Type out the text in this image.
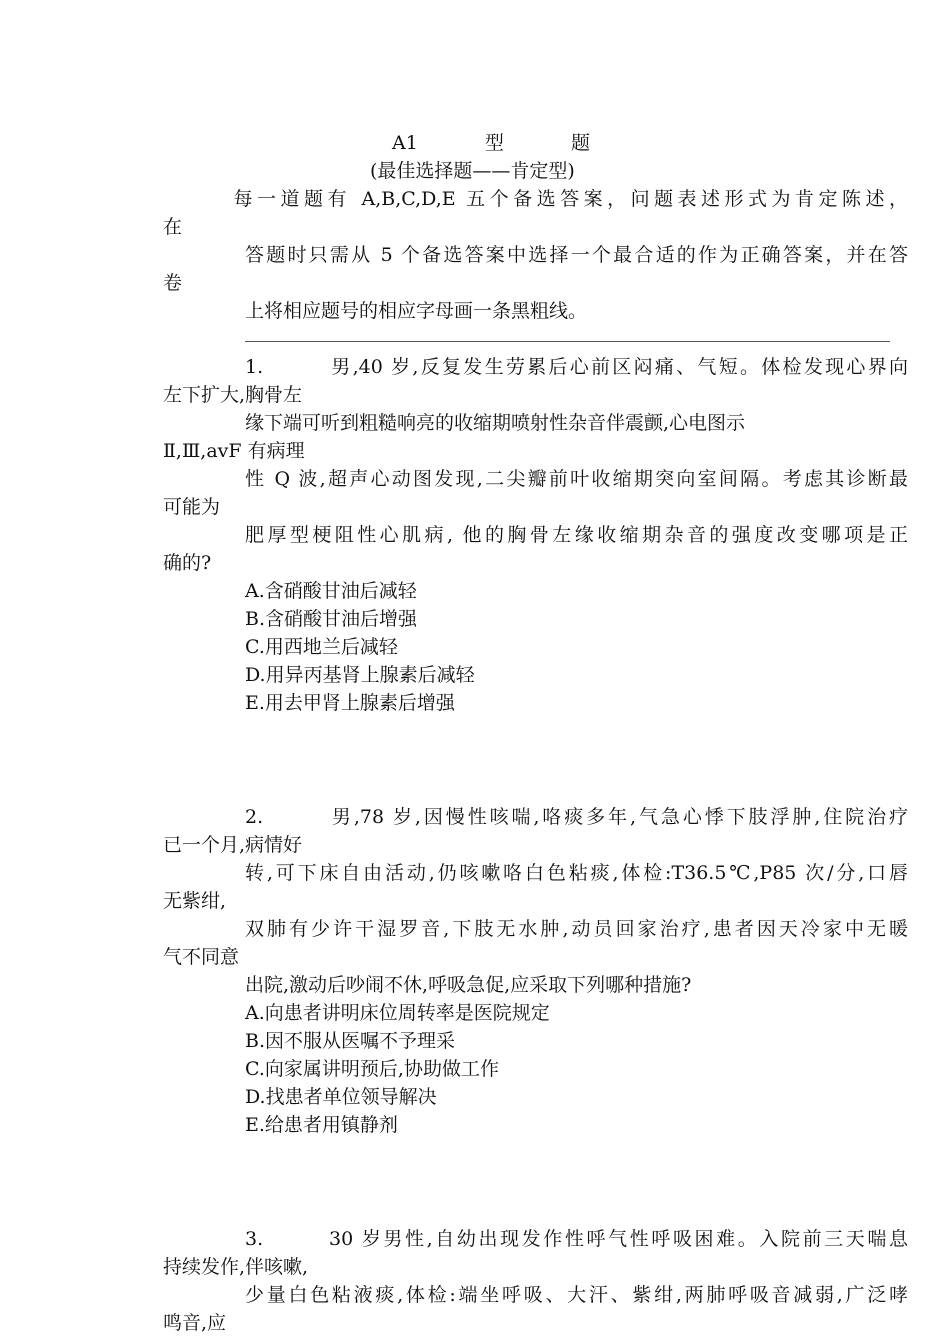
A1　　　型　　　题
(最佳选择题——肯定型)
　　　每一道题有 A,B,C,D,E 五个备选答案，问题表述形式为肯定陈述，
在
答题时只需从 5 个备选答案中选择一个最合适的作为正确答案，并在答
卷
上将相应题号的相应字母画一条黑粗线。
1.	男,40 岁,反复发生劳累后心前区闷痛、气短。体检发现心界向
左下扩大,胸骨左
缘下端可听到粗糙响亮的收缩期喷射性杂音伴震颤,心电图示
Ⅱ,Ⅲ,avF 有病理
性 Q 波,超声心动图发现,二尖瓣前叶收缩期突向室间隔。考虑其诊断最
可能为
肥厚型梗阻性心肌病, 他的胸骨左缘收缩期杂音的强度改变哪项是正
确的?
A.含硝酸甘油后减轻
B.含硝酸甘油后增强
C.用西地兰后减轻
D.用异丙基肾上腺素后减轻
E.用去甲肾上腺素后增强
2.	男,78 岁,因慢性咳喘,咯痰多年,气急心悸下肢浮肿,住院治疗
已一个月,病情好
转,可下床自由活动,仍咳嗽咯白色粘痰,体检:T36.5℃,P85 次/分,口唇
无紫绀,
双肺有少许干湿罗音,下肢无水肿,动员回家治疗,患者因天冷家中无暖
气不同意
出院,激动后吵闹不休,呼吸急促,应采取下列哪种措施?
A.向患者讲明床位周转率是医院规定
B.因不服从医嘱不予理采
C.向家属讲明预后,协助做工作
D.找患者单位领导解决
E.给患者用镇静剂
3.	30 岁男性,自幼出现发作性呼气性呼吸困难。入院前三天喘息
持续发作,伴咳嗽,
少量白色粘液痰,体检:端坐呼吸、大汗、紫绀,两肺呼吸音减弱,广泛哮
鸣音,应
